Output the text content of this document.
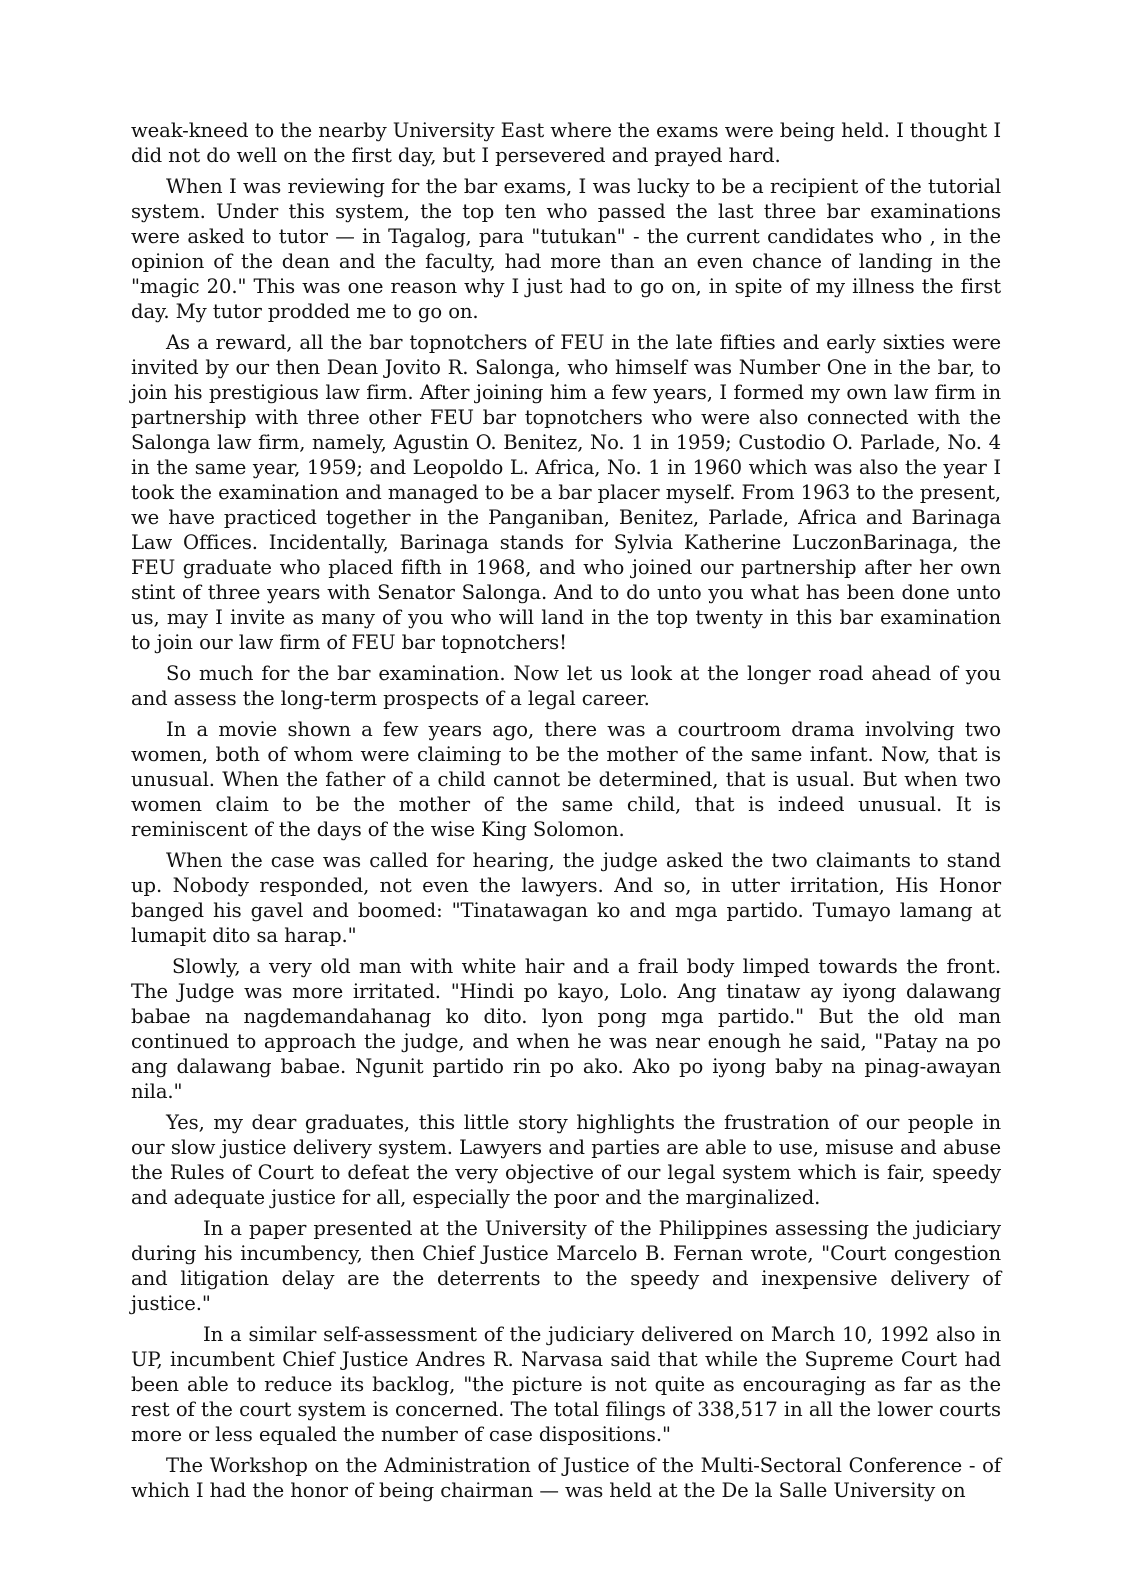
weak-kneed to the nearby University East where the exams were being held. I thought I did not do well on the first day, but I persevered and prayed hard.

When I was reviewing for the bar exams, I was lucky to be a recipient of the tutorial system. Under this system, the top ten who passed the last three bar examinations were asked to tutor — in Tagalog, para "tutukan" - the current candidates who , in the opinion of the dean and the faculty, had more than an even chance of landing in the "magic 20." This was one reason why I just had to go on, in spite of my illness the first day. My tutor prodded me to go on.

As a reward, all the bar topnotchers of FEU in the late fifties and early sixties were invited by our then Dean Jovito R. Salonga, who himself was Number One in the bar, to join his prestigious law firm. After joining him a few years, I formed my own law firm in partnership with three other FEU bar topnotchers who were also connected with the Salonga law firm, namely, Agustin O. Benitez, No. 1 in 1959; Custodio O. Parlade, No. 4 in the same year, 1959; and Leopoldo L. Africa, No. 1 in 1960 which was also the year I took the examination and managed to be a bar placer myself. From 1963 to the present, we have practiced together in the Panganiban, Benitez, Parlade, Africa and Barinaga Law Offices. Incidentally, Barinaga stands for Sylvia Katherine LuczonBarinaga, the FEU graduate who placed fifth in 1968, and who joined our partnership after her own stint of three years with Senator Salonga. And to do unto you what has been done unto us, may I invite as many of you who will land in the top twenty in this bar examination to join our law firm of FEU bar topnotchers!

So much for the bar examination. Now let us look at the longer road ahead of you and assess the long-term prospects of a legal career.

In a movie shown a few years ago, there was a courtroom drama involving two women, both of whom were claiming to be the mother of the same infant. Now, that is unusual. When the father of a child cannot be determined, that is usual. But when two women claim to be the mother of the same child, that is indeed unusual. It is reminiscent of the days of the wise King Solomon.

When the case was called for hearing, the judge asked the two claimants to stand up. Nobody responded, not even the lawyers. And so, in utter irritation, His Honor banged his gavel and boomed: "Tinatawagan ko and mga partido. Tumayo lamang at lumapit dito sa harap."

Slowly, a very old man with white hair and a frail body limped towards the front. The Judge was more irritated. "Hindi po kayo, Lolo. Ang tinataw ay iyong dalawang babae na nagdemandahanag ko dito. lyon pong mga partido." But the old man continued to approach the judge, and when he was near enough he said, "Patay na po ang dalawang babae. Ngunit partido rin po ako. Ako po iyong baby na pinag-awayan nila."

Yes, my dear graduates, this little story highlights the frustration of our people in our slow justice delivery system. Lawyers and parties are able to use, misuse and abuse the Rules of Court to defeat the very objective of our legal system which is fair, speedy and adequate justice for all, especially the poor and the marginalized.

In a paper presented at the University of the Philippines assessing the judiciary during his incumbency, then Chief Justice Marcelo B. Fernan wrote, "Court congestion and litigation delay are the deterrents to the speedy and inexpensive delivery of justice."

In a similar self-assessment of the judiciary delivered on March 10, 1992 also in UP, incumbent Chief Justice Andres R. Narvasa said that while the Supreme Court had been able to reduce its backlog, "the picture is not quite as encouraging as far as the rest of the court system is concerned. The total filings of 338,517 in all the lower courts more or less equaled the number of case dispositions."

The Workshop on the Administration of Justice of the Multi-Sectoral Conference - of which I had the honor of being chairman — was held at the De la Salle University on
